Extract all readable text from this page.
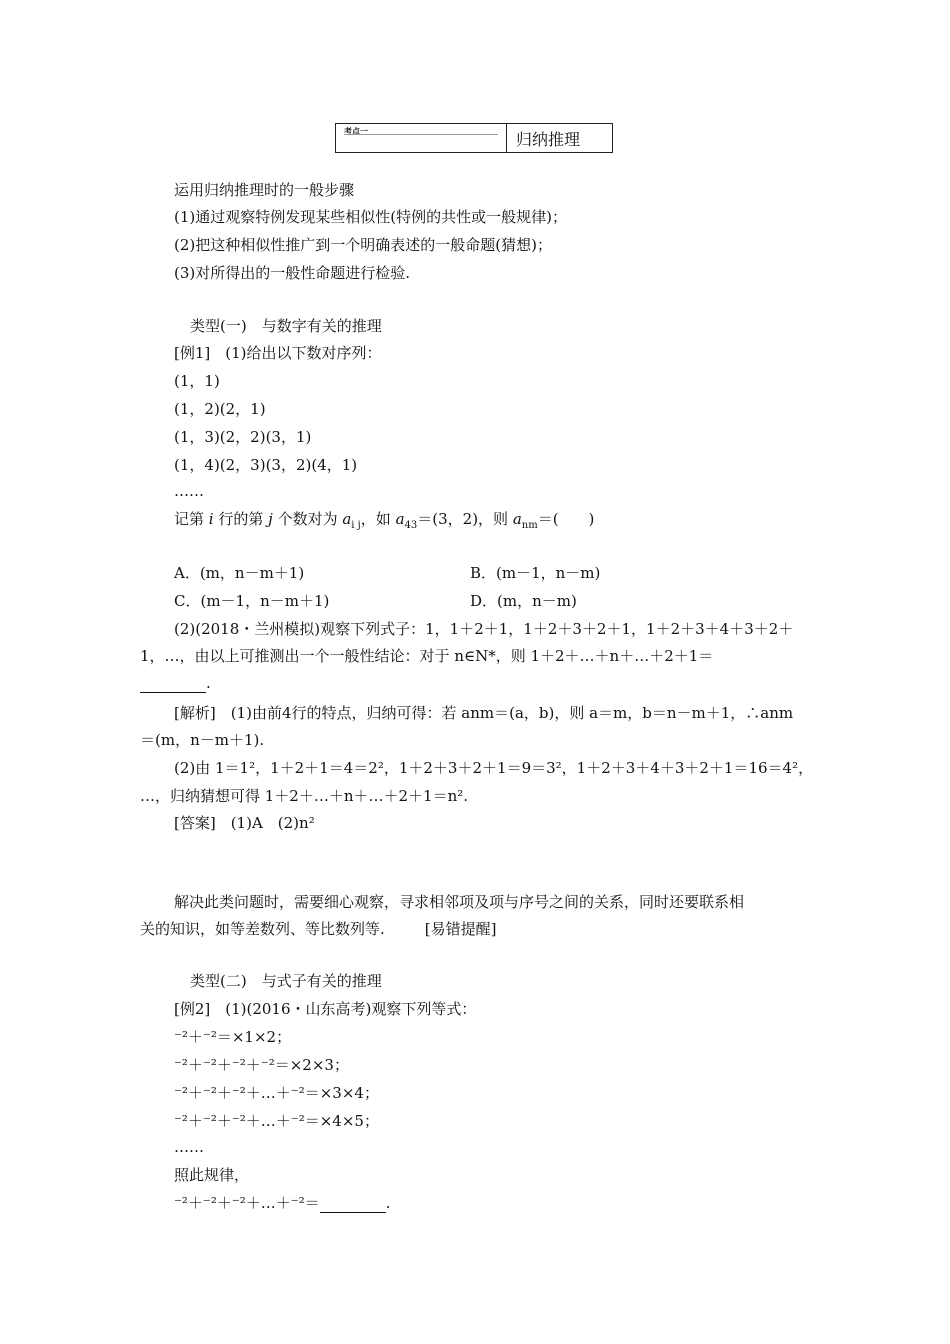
考点一	归纳推理
运用归纳推理时的一般步骤
(1)通过观察特例发现某些相似性(特例的共性或一般规律)；
(2)把这种相似性推广到一个明确表述的一般命题(猜想)；
(3)对所得出的一般性命题进行检验.
类型(一)　与数字有关的推理
[例1]　(1)给出以下数对序列：
(1，1)
(1，2)(2，1)
(1，3)(2，2)(3，1)
(1，4)(2，3)(3，2)(4，1)
……
记第 i 行的第 j 个数对为 $a_{i j}$，如 $a_{43}=(3$，2)，则 $a_{nm}=$(　　)
A．(m，n－m＋1)	B．(m－1，n－m)
C．(m－1，n－m＋1)	D．(m，n－m)
(2)(2018・兰州模拟)观察下列式子：1，1＋2＋1，1＋2＋3＋2＋1，1＋2＋3＋4＋3＋2＋
1，…，由以上可推测出一个一般性结论：对于 n∈N*，则 1＋2＋…＋n＋…＋2＋1＝
.
[解析]　(1)由前4行的特点，归纳可得：若 anm＝(a，b)，则 a＝m，b＝n－m＋1，∴anm
＝(m，n－m＋1).
(2)由 1＝1²，1＋2＋1＝4＝2²，1＋2＋3＋2＋1＝9＝3²，1＋2＋3＋4＋3＋2＋1＝16＝4²，
…，归纳猜想可得 1＋2＋…＋n＋…＋2＋1＝n².
[答案]　(1)A　(2)n²
解决此类问题时，需要细心观察，寻求相邻项及项与序号之间的关系，同时还要联系相
关的知识，如等差数列、等比数列等.	[易错提醒]
类型(二)　与式子有关的推理
[例2]　(1)(2016・山东高考)观察下列等式：
⁻²＋⁻²＝×1×2；
⁻²＋⁻²＋⁻²＋⁻²＝×2×3；
⁻²＋⁻²＋⁻²＋…＋⁻²＝×3×4；
⁻²＋⁻²＋⁻²＋…＋⁻²＝×4×5；
……
照此规律，
⁻²＋⁻²＋⁻²＋…＋⁻²＝	.
